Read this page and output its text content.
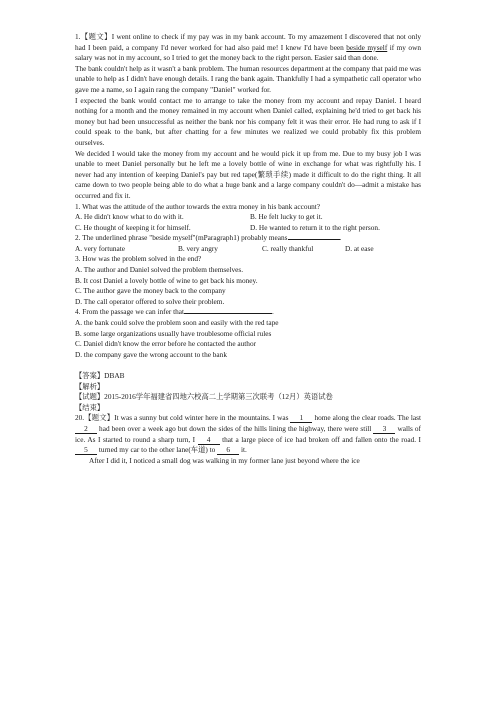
1.【题文】I went online to check if my pay was in my bank account. To my amazement I discovered that not only had I been paid, a company I'd never worked for had also paid me! I knew I'd have been beside myself if my own salary was not in my account, so I tried to get the money back to the right person. Easier said than done.

The bank couldn't help as it wasn't a bank problem. The human resources department at the company that paid me was unable to help as I didn't have enough details. I rang the bank again. Thankfully I had a sympathetic call operator who gave me a name, so I again rang the company "Daniel" worked for.

I expected the bank would contact me to arrange to take the money from my account and repay Daniel. I heard nothing for a month and the money remained in my account when Daniel called, explaining he'd tried to get back his money but had been unsuccessful as neither the bank nor his company felt it was their error. He had rung to ask if I could speak to the bank, but after chatting for a few minutes we realized we could probably fix this problem ourselves.

We decided I would take the money from my account and he would pick it up from me. Due to my busy job I was unable to meet Daniel personally but he left me a lovely bottle of wine in exchange for what was rightfully his. I never had any intention of keeping Daniel's pay but red tape(繁琐手续) made it difficult to do the right thing. It all came down to two people being able to do what a huge bank and a large company couldn't do—admit a mistake has occurred and fix it.

1. What was the attitude of the author towards the extra money in his bank account?

A. He didn't know what to do with it.	B. He felt lucky to get it.
C. He thought of keeping it for himself.	D. He wanted to return it to the right person.

2. The underlined phrase "beside myself"(mParagraph1) probably means	.

A. very fortunate	B. very angry	C. really thankful	D. at ease

3. How was the problem solved in the end?

A. The author and Daniel solved the problem themselves.

B. It cost Daniel a lovely bottle of wine to get back his money.

C. The author gave the money back to the company

D. The call operator offered to solve their problem.

4. From the passage we can infer that	.

A. the bank could solve the problem soon and easily with the red tape

B. some large organizations usually have troublesome official rules

C. Daniel didn't know the error before he contacted the author

D. the company gave the wrong account to the bank

【答案】DBAB

【解析】

【试题】2015-2016学年福建省四地六校高二上学期第三次联考（12月）英语试卷

【结束】

20.【题文】It was a sunny but cold winter here in the mountains. I was 1 home along the clear roads. The last 2 had been over a week ago but down the sides of the hills lining the highway, there were still 3 walls of ice. As I started to round a sharp turn, I 4 that a large piece of ice had broken off and fallen onto the road. I 5 turned my car to the other lane(车道) to 6 it.

After I did it, I noticed a small dog was walking in my former lane just beyond where the ice
